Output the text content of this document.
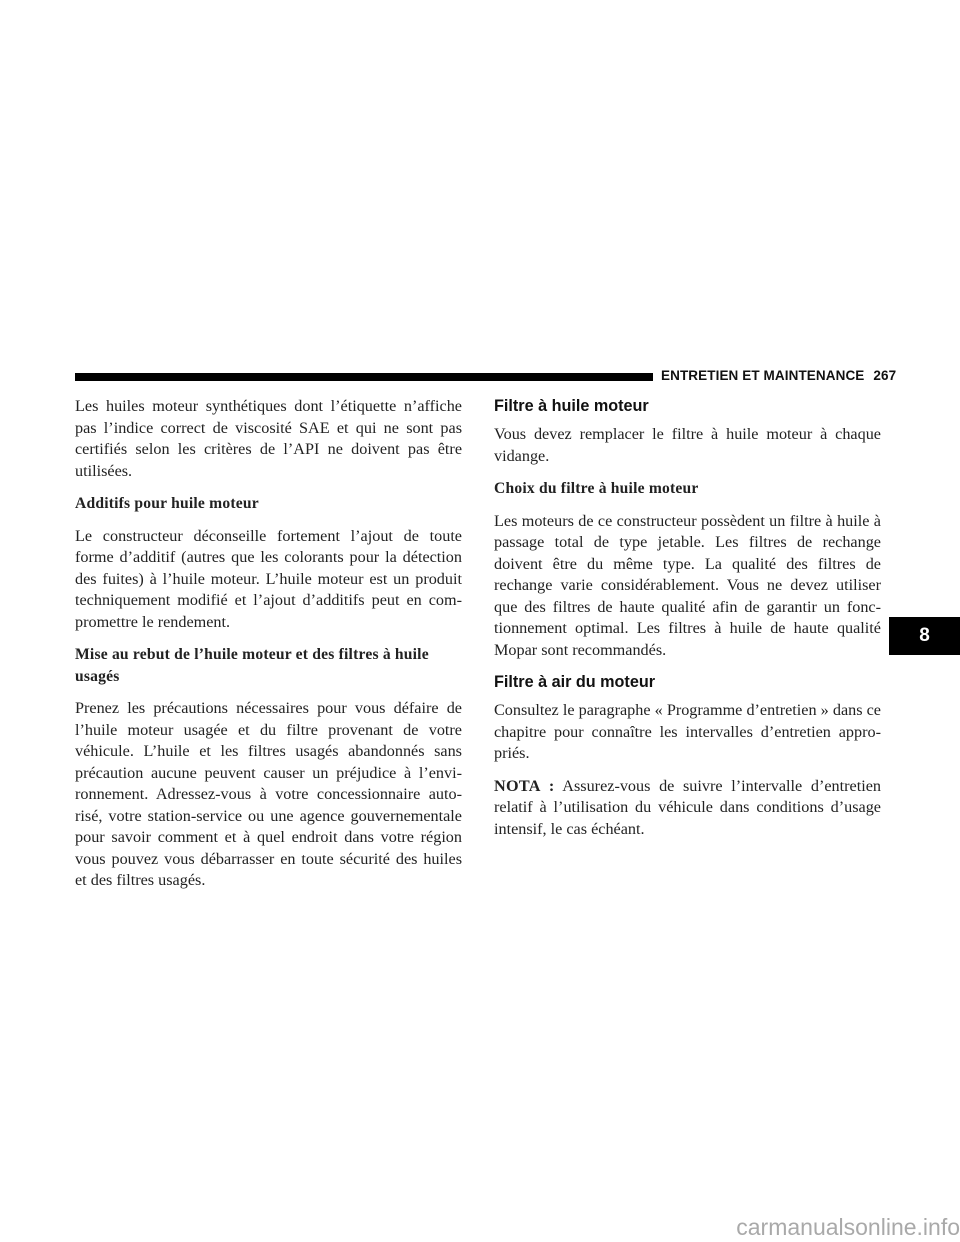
ENTRETIEN ET MAINTENANCE 267
8

Les huiles moteur synthétiques dont l’étiquette n’affiche pas l’indice correct de viscosité SAE et qui ne sont pas certifiés selon les critères de l’API ne doivent pas être utilisées.

Additifs pour huile moteur

Le constructeur déconseille fortement l’ajout de toute forme d’additif (autres que les colorants pour la détection des fuites) à l’huile moteur. L’huile moteur est un produit techniquement modifié et l’ajout d’additifs peut en compromettre le rendement.

Mise au rebut de l’huile moteur et des filtres à huile usagés

Prenez les précautions nécessaires pour vous défaire de l’huile moteur usagée et du filtre provenant de votre véhicule. L’huile et les filtres usagés abandonnés sans précaution aucune peuvent causer un préjudice à l’environnement. Adressez-vous à votre concessionnaire autorisé, votre station-service ou une agence gouvernementale pour savoir comment et à quel endroit dans votre région vous pouvez vous débarrasser en toute sécurité des huiles et des filtres usagés.

Filtre à huile moteur

Vous devez remplacer le filtre à huile moteur à chaque vidange.

Choix du filtre à huile moteur

Les moteurs de ce constructeur possèdent un filtre à huile à passage total de type jetable. Les filtres de rechange doivent être du même type. La qualité des filtres de rechange varie considérablement. Vous ne devez utiliser que des filtres de haute qualité afin de garantir un fonctionnement optimal. Les filtres à huile de haute qualité Mopar sont recommandés.

Filtre à air du moteur

Consultez le paragraphe « Programme d’entretien » dans ce chapitre pour connaître les intervalles d’entretien appropriés.

NOTA : Assurez-vous de suivre l’intervalle d’entretien relatif à l’utilisation du véhicule dans conditions d’usage intensif, le cas échéant.

carmanualsonline.info
